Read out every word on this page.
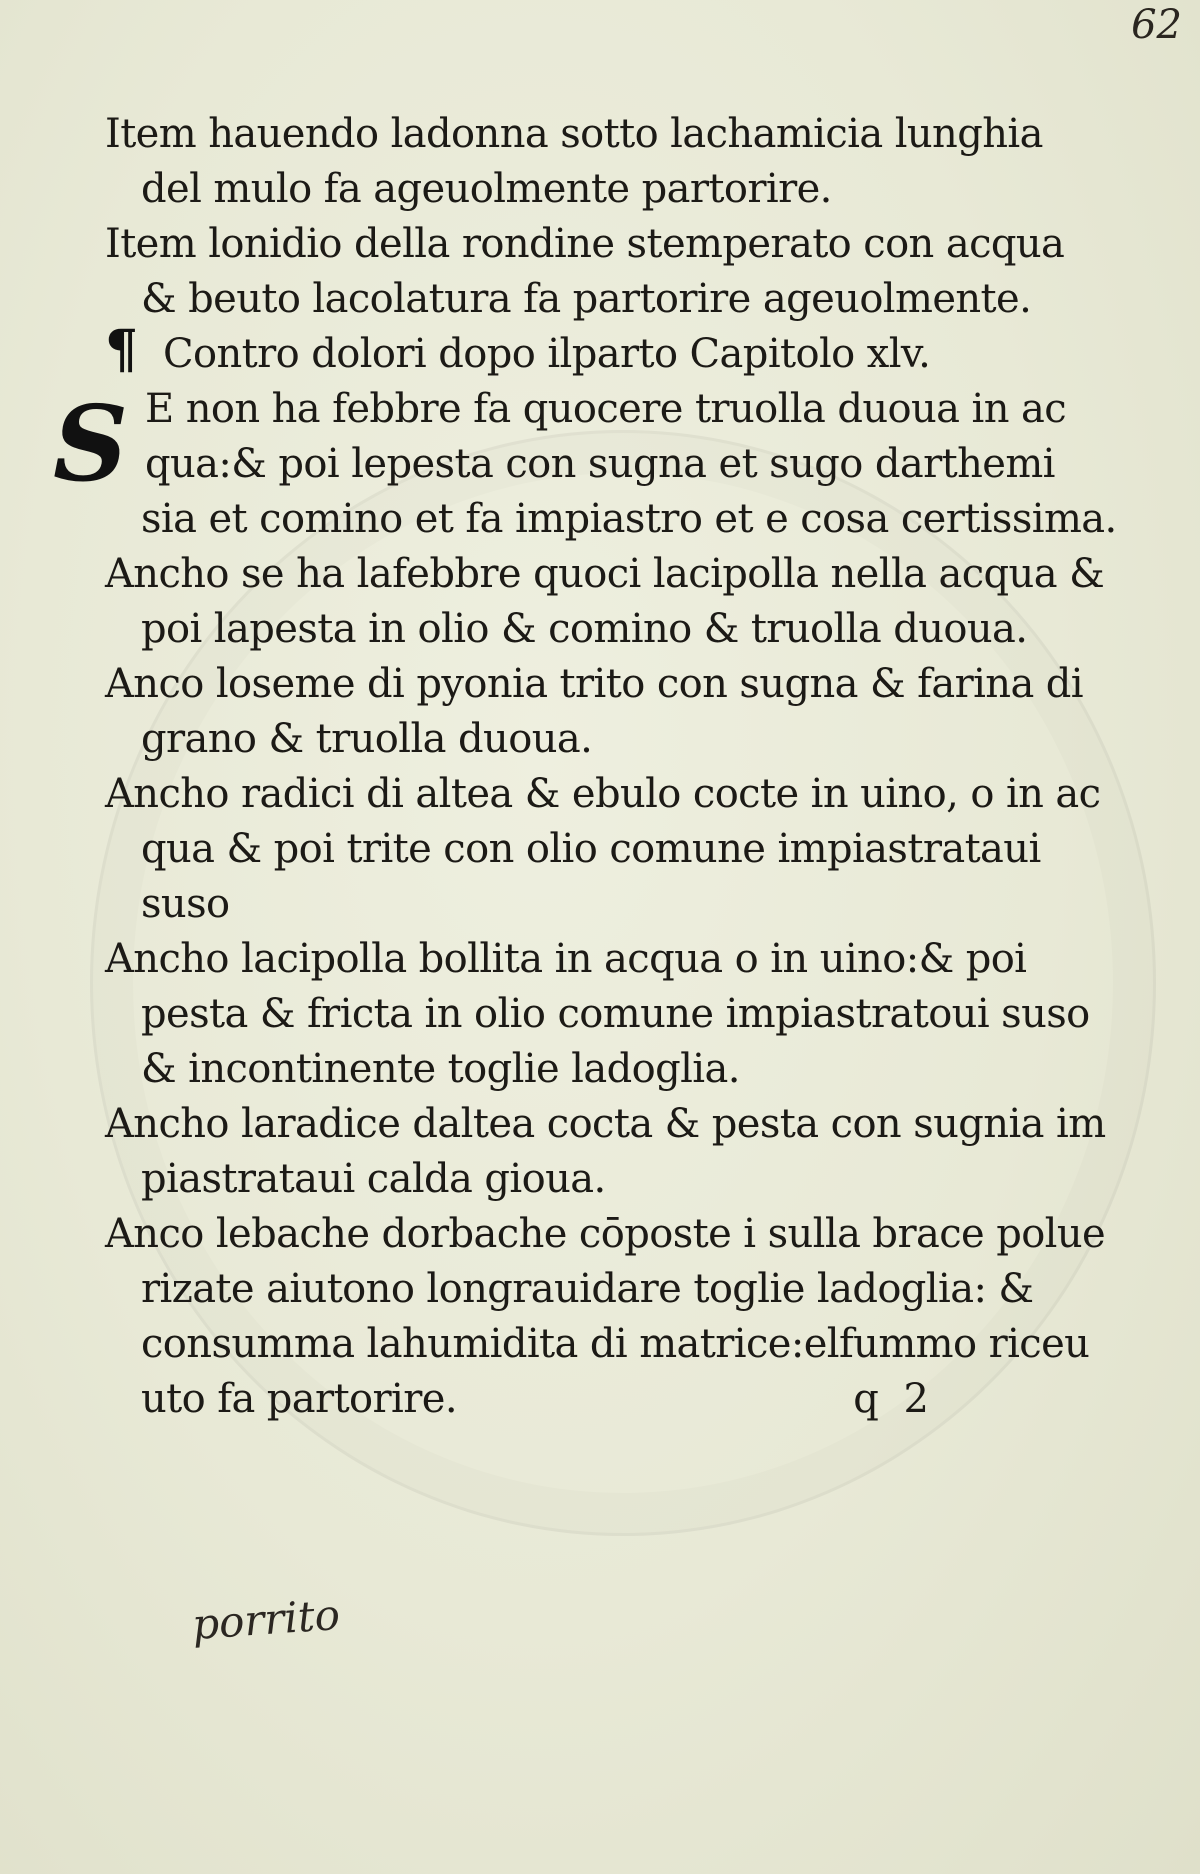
62
Item hauendo ladonna sotto lachamicia lunghia
del mulo fa ageuolmente partorire.
Item lonidio della rondine stemperato con acqua
& beuto lacolatura fa partorire ageuolmente.
¶ Contro dolori dopo ilparto Capitolo xlv.
S E non ha febbre fa quocere truolla duoua in ac
qua:& poi lepesta con sugna et sugo darthemi
sia et comino et fa impiastro et e cosa certissima.
Ancho se ha lafebbre quoci lacipolla nella acqua &
poi lapesta in olio & comino & truolla duoua.
Anco loseme di pyonia trito con sugna & farina di
grano & truolla duoua.
Ancho radici di altea & ebulo cocte in uino, o in ac
qua & poi trite con olio comune impiastrataui
suso
Ancho lacipolla bollita in acqua o in uino:& poi
pesta & fricta in olio comune impiastratoui suso
& incontinente toglie ladoglia.
Ancho laradice daltea cocta & pesta con sugnia im
piastrataui calda gioua.
Anco lebache dorbache cōposte i sulla brace polue
rizate aiutono longrauidare toglie ladoglia: &
consumma lahumidita di matrice:elfummo riceu
uto fa partorire.	q 2
porrito
